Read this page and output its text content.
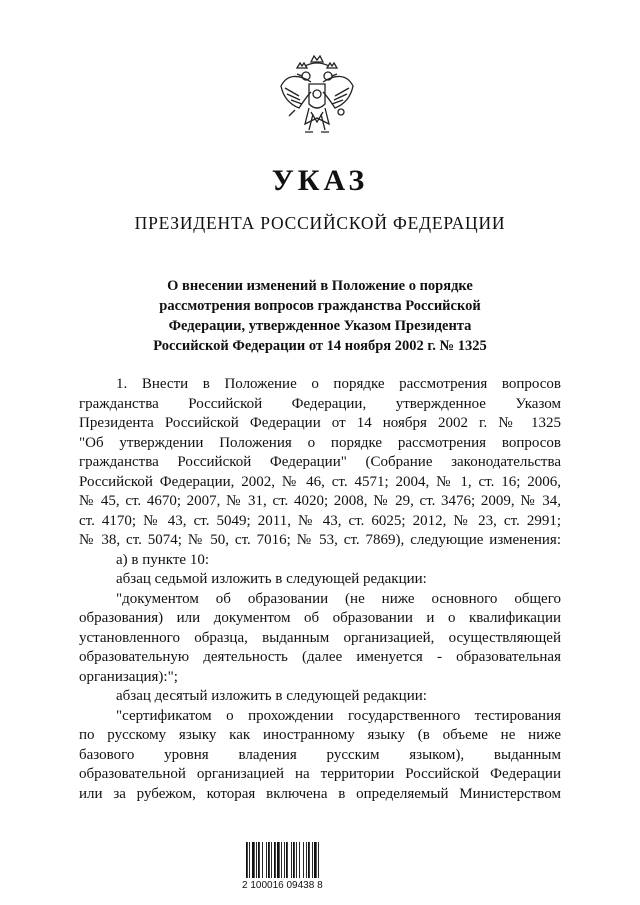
УКАЗ
ПРЕЗИДЕНТА РОССИЙСКОЙ ФЕДЕРАЦИИ
О внесении изменений в Положение о порядке
рассмотрения вопросов гражданства Российской
Федерации, утвержденное Указом Президента
Российской Федерации от 14 ноября 2002 г. № 1325
1. Внести в Положение о порядке рассмотрения вопросов
гражданства Российской Федерации, утвержденное Указом
Президента Российской Федерации от 14 ноября 2002 г. № 1325
"Об утверждении Положения о порядке рассмотрения вопросов
гражданства Российской Федерации" (Собрание законодательства
Российской Федерации, 2002, № 46, ст. 4571; 2004, № 1, ст. 16; 2006,
№ 45, ст. 4670; 2007, № 31, ст. 4020; 2008, № 29, ст. 3476; 2009, № 34,
ст. 4170; № 43, ст. 5049; 2011, № 43, ст. 6025; 2012, № 23, ст. 2991;
№ 38, ст. 5074; № 50, ст. 7016; № 53, ст. 7869), следующие изменения:
а) в пункте 10:
абзац седьмой изложить в следующей редакции:
"документом об образовании (не ниже основного общего
образования) или документом об образовании и о квалификации
установленного образца, выданным организацией, осуществляющей
образовательную деятельность (далее именуется - образовательная
организация):";
абзац десятый изложить в следующей редакции:
"сертификатом о прохождении государственного тестирования
по русскому языку как иностранному языку (в объеме не ниже
базового уровня владения русским языком), выданным
образовательной организацией на территории Российской Федерации
или за рубежом, которая включена в определяемый Министерством
2 100016 09438 8
